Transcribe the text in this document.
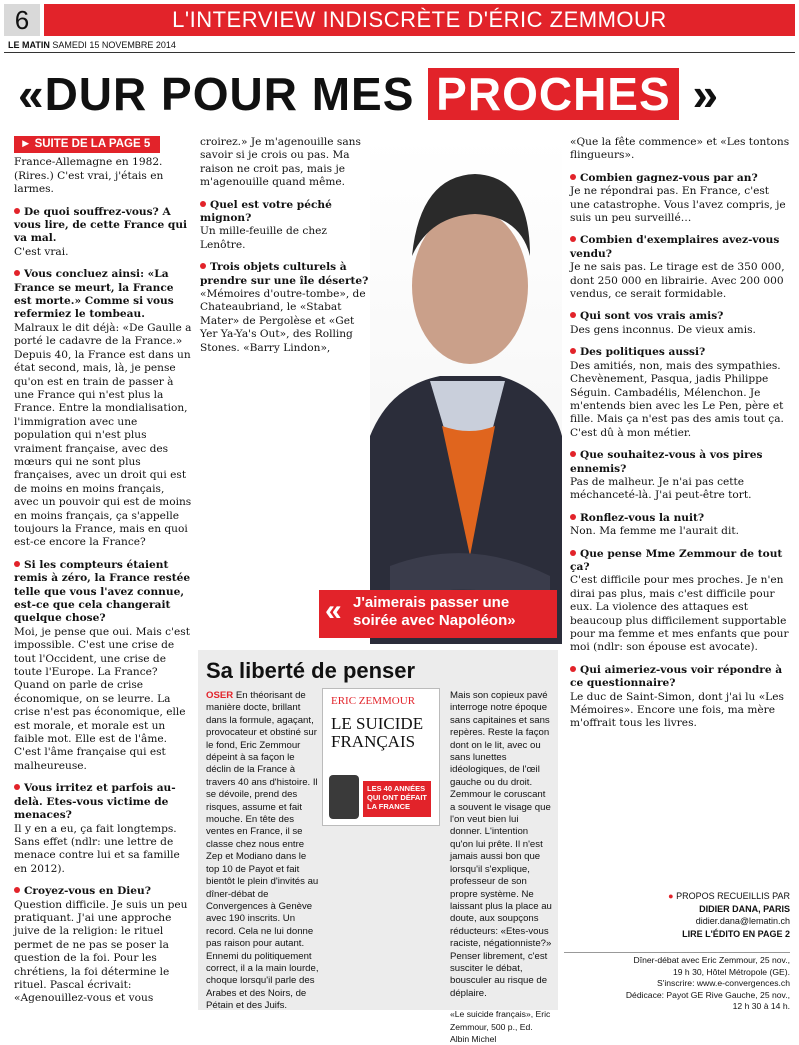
6	L'INTERVIEW INDISCRÈTE D'ÉRIC ZEMMOUR
LE MATIN SAMEDI 15 NOVEMBRE 2014
«DUR POUR MES PROCHES »
► SUITE DE LA PAGE 5

France-Allemagne en 1982. (Rires.) C'est vrai, j'étais en larmes.

De quoi souffrez-vous? A vous lire, de cette France qui va mal.
C'est vrai.

Vous concluez ainsi: «La France se meurt, la France est morte.» Comme si vous refermiez le tombeau.
Malraux le dit déjà: «De Gaulle a porté le cadavre de la France.» Depuis 40, la France est dans un état second, mais, là, je pense qu'on est en train de passer à une France qui n'est plus la France. Entre la mondialisation, l'immigration avec une population qui n'est plus vraiment française, avec des mœurs qui ne sont plus françaises, avec un droit qui est de moins en moins français, avec un pouvoir qui est de moins en moins français, ça s'appelle toujours la France, mais en quoi est-ce encore la France?

Si les compteurs étaient remis à zéro, la France restée telle que vous l'avez connue, est-ce que cela changerait quelque chose?
Moi, je pense que oui. Mais c'est impossible. C'est une crise de tout l'Occident, une crise de toute l'Europe. La France? Quand on parle de crise économique, on se leurre. La crise n'est pas économique, elle est morale, et morale est un faible mot. Elle est de l'âme. C'est l'âme française qui est malheureuse.

Vous irritez et parfois au-delà. Etes-vous victime de menaces?
Il y en a eu, ça fait longtemps. Sans effet (ndlr: une lettre de menace contre lui et sa famille en 2012).

Croyez-vous en Dieu?
Question difficile. Je suis un peu pratiquant. J'ai une approche juive de la religion: le rituel permet de ne pas se poser la question de la foi. Pour les chrétiens, la foi détermine le rituel. Pascal écrivait: «Agenouillez-vous et vous

croirez.» Je m'agenouille sans savoir si je crois ou pas. Ma raison ne croit pas, mais je m'agenouille quand même.

Quel est votre péché mignon?
Un mille-feuille de chez Lenôtre.

Trois objets culturels à prendre sur une île déserte?
«Mémoires d'outre-tombe», de Chateaubriand, le «Stabat Mater» de Pergolèse et «Get Yer Ya-Ya's Out», des Rolling Stones. «Barry Lindon»,

« J'aimerais passer une soirée avec Napoléon»
Sa liberté de penser
OSER En théorisant de manière docte, brillant dans la formule, agaçant, provocateur et obstiné sur le fond, Eric Zemmour dépeint à sa façon le déclin de la France à travers 40 ans d'histoire. Il se dévoile, prend des risques, assume et fait mouche. En tête des ventes en France, il se classe chez nous entre Zep et Modiano dans le top 10 de Payot et fait bientôt le plein d'invités au dîner-débat de Convergences à Genève avec 190 inscrits. Un record. Cela ne lui donne pas raison pour autant. Ennemi du politiquement correct, il a la main lourde, choque lorsqu'il parle des Arabes et des Noirs, de Pétain et des Juifs.
Mais son copieux pavé interroge notre époque sans capitaines et sans repères. Reste la façon dont on le lit, avec ou sans lunettes idéologiques, de l'œil gauche ou du droit. Zemmour le coruscant a souvent le visage que l'on veut bien lui donner. L'intention qu'on lui prête. Il n'est jamais aussi bon que lorsqu'il s'explique, professeur de son propre système. Ne laissant plus la place au doute, aux soupçons réducteurs: «Etes-vous raciste, négationniste?» Penser librement, c'est susciter le débat, bousculer au risque de déplaire.
«Le suicide français», Eric Zemmour, 500 p., Ed. Albin Michel
ERIC ZEMMOUR
LE SUICIDE FRANÇAIS
LES 40 ANNÉES QUI ONT DÉFAIT LA FRANCE

«Que la fête commence» et «Les tontons flingueurs».

Combien gagnez-vous par an?
Je ne répondrai pas. En France, c'est une catastrophe. Vous l'avez compris, je suis un peu surveillé…

Combien d'exemplaires avez-vous vendu?
Je ne sais pas. Le tirage est de 350 000, dont 250 000 en librairie. Avec 200 000 vendus, ce serait formidable.

Qui sont vos vrais amis?
Des gens inconnus. De vieux amis.

Des politiques aussi?
Des amitiés, non, mais des sympathies. Chevènement, Pasqua, jadis Philippe Séguin. Cambadélis, Mélenchon. Je m'entends bien avec les Le Pen, père et fille. Mais ça n'est pas des amis tout ça. C'est dû à mon métier.

Que souhaitez-vous à vos pires ennemis?
Pas de malheur. Je n'ai pas cette méchanceté-là. J'ai peut-être tort.

Ronflez-vous la nuit?
Non. Ma femme me l'aurait dit.

Que pense Mme Zemmour de tout ça?
C'est difficile pour mes proches. Je n'en dirai pas plus, mais c'est difficile pour eux. La violence des attaques est beaucoup plus difficilement supportable pour ma femme et mes enfants que pour moi (ndlr: son épouse est avocate).

Qui aimeriez-vous voir répondre à ce questionnaire?
Le duc de Saint-Simon, dont j'ai lu «Les Mémoires». Encore une fois, ma mère m'offrait tous les livres.

● PROPOS RECUEILLIS PAR
DIDIER DANA, PARIS
didier.dana@lematin.ch
LIRE L'ÉDITO EN PAGE 2
Dîner-débat avec Eric Zemmour, 25 nov.,
19 h 30, Hôtel Métropole (GE).
S'inscrire: www.e-convergences.ch
Dédicace: Payot GE Rive Gauche, 25 nov.,
12 h 30 à 14 h.
